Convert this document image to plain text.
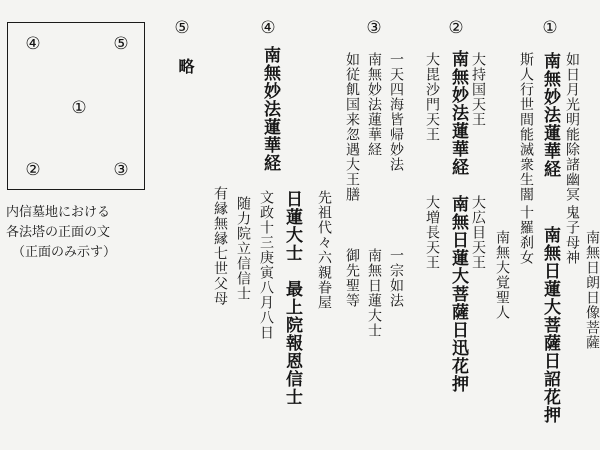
④	⑤
①
②	③
内信墓地における
各法塔の正面の文
（正面のみ示す）
⑤
略
④
南無妙法蓮華経
日蓮大士　最上院報恩信士
文政十三庚寅八月八日
随力院立信信士	先祖代々六親眷屋
有縁無縁七世父母
③
一天四海皆帰妙法
南無妙法蓮華経
如従飢国来忽遇大王膳
一宗如法
南無日蓮大士
御先聖等
②
大持国天王
南無妙法蓮華経
大毘沙門天王
大広目天王
南無日蓮大菩薩日迅花押
大増長天王
①
如日月光明能除諸幽冥
南無妙法蓮華経
斯人行世間能滅衆生闇
鬼子母神
南無日蓮大菩薩日詔花押
十羅刹女
南無大覚聖人	南無日朗日像菩薩
